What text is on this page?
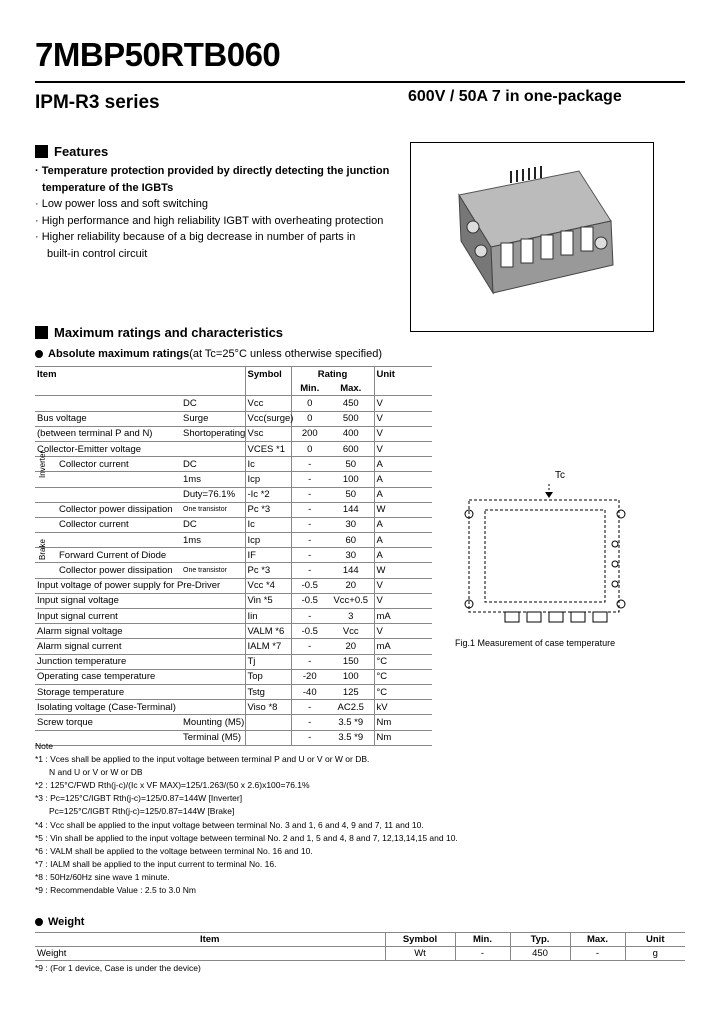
7MBP50RTB060
IPM-R3 series	600V / 50A 7 in one-package
Features
· Temperature protection provided by directly detecting the junction
temperature of the IGBTs
· Low power loss and soft switching
· High performance and high reliability IGBT with overheating protection
· Higher reliability because of a big decrease in number of parts in
built-in control circuit
Maximum ratings and characteristics
Absolute maximum ratings (at Tc=25°C unless otherwise specified)
Item		Symbol	Rating		Unit
			Min.	Max.	
	DC	Vcc	0	450	V
Bus voltage	Surge	Vcc(surge)	0	500	V
(between terminal P and N)	Shortoperating	Vsc	200	400	V
Collector-Emitter voltage		VCES *1	0	600	V
Collector current	DC	Ic	-	50	A
	1ms	Icp	-	100	A
	Duty=76.1%	-Ic *2	-	50	A
Collector power dissipation	One transistor	Pc *3	-	144	W
Collector current	DC	Ic	-	30	A
	1ms	Icp	-	60	A
Forward Current of Diode		IF	-	30	A
Collector power dissipation	One transistor	Pc *3	-	144	W
Input voltage of power supply for Pre-Driver		Vcc *4	-0.5	20	V
Input signal voltage		Vin *5	-0.5	Vcc+0.5	V
Input signal current		Iin	-	3	mA
Alarm signal voltage		VALM *6	-0.5	Vcc	V
Alarm signal current		IALM *7	-	20	mA
Junction temperature		Tj	-	150	°C
Operating case temperature		Top	-20	100	°C
Storage temperature		Tstg	-40	125	°C
Isolating voltage (Case-Terminal)		Viso *8	-	AC2.5	kV
Screw torque	Mounting (M5)		-	3.5 *9	Nm
	Terminal (M5)		-	3.5 *9	Nm
Inverter
Brake
Tc
Fig.1 Measurement of case temperature
Note
*1 : Vces shall be applied to the input voltage between terminal P and U or V or W or DB.
N and U or V or W or DB
*2 : 125°C/FWD Rth(j-c)/(Ic x VF MAX)=125/1.263/(50 x 2.6)x100=76.1%
*3 : Pc=125°C/IGBT Rth(j-c)=125/0.87=144W [Inverter]
Pc=125°C/IGBT Rth(j-c)=125/0.87=144W [Brake]
*4 : Vcc shall be applied to the input voltage between terminal No. 3 and 1, 6 and 4, 9 and 7, 11 and 10.
*5 : Vin shall be applied to the input voltage between terminal No. 2 and 1, 5 and 4, 8 and 7, 12,13,14,15 and 10.
*6 : VALM shall be applied to the voltage between terminal No. 16 and 10.
*7 : IALM shall be applied to the input current to terminal No. 16.
*8 : 50Hz/60Hz sine wave 1 minute.
*9 : Recommendable Value : 2.5 to 3.0 Nm
Weight
Item	Symbol	Min.	Typ.	Max.	Unit
Weight	Wt	-	450	-	g
*9 : (For 1 device, Case is under the device)
